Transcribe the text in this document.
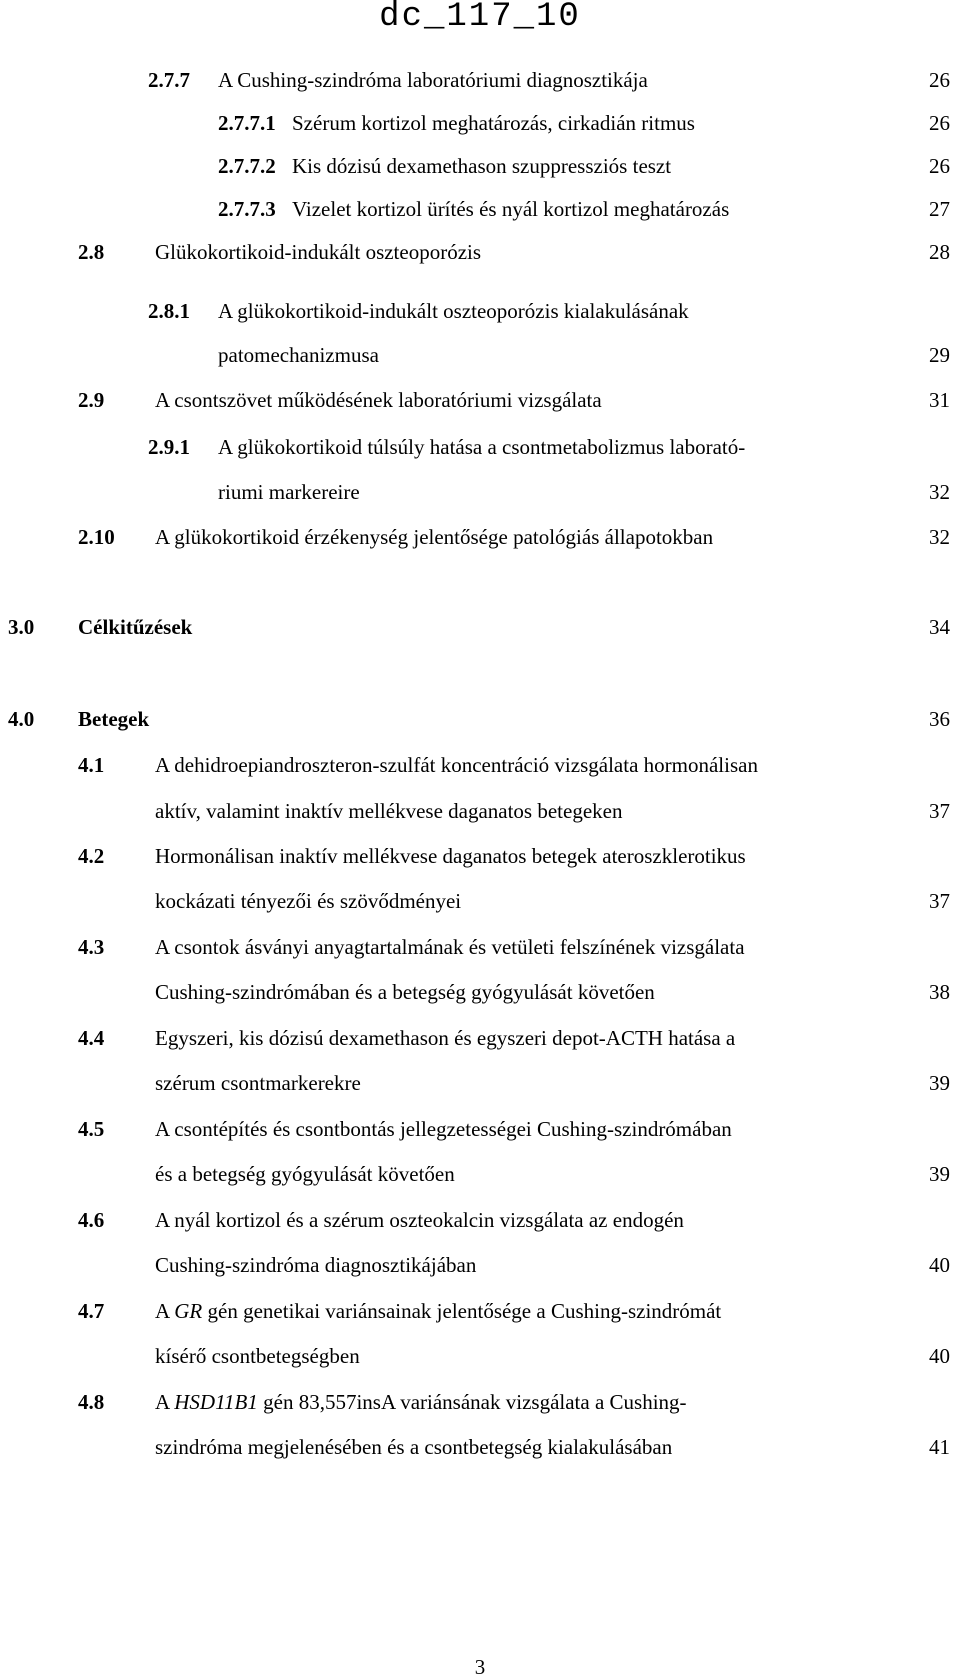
dc_117_10
2.7.7 A Cushing-szindróma laboratóriumi diagnosztikája	26
2.7.7.1 Szérum kortizol meghatározás, cirkadián ritmus	26
2.7.7.2 Kis dózisú dexamethason szuppressziós teszt	26
2.7.7.3 Vizelet kortizol ürítés és nyál kortizol meghatározás	27
2.8 Glükokortikoid-indukált oszteoporózis	28
2.8.1 A glükokortikoid-indukált oszteoporózis kialakulásának
patomechanizmusa	29
2.9 A csontszövet működésének laboratóriumi vizsgálata	31
2.9.1 A glükokortikoid túlsúly hatása a csontmetabolizmus laborató-
riumi markereire	32
2.10 A glükokortikoid érzékenység jelentősége patológiás állapotokban	32
3.0 Célkitűzések	34
4.0 Betegek	36
4.1 A dehidroepiandroszteron-szulfát koncentráció vizsgálata hormonálisan
aktív, valamint inaktív mellékvese daganatos betegeken	37
4.2 Hormonálisan inaktív mellékvese daganatos betegek ateroszklerotikus
kockázati tényezői és szövődményei	37
4.3 A csontok ásványi anyagtartalmának és vetületi felszínének vizsgálata
Cushing-szindrómában és a betegség gyógyulását követően	38
4.4 Egyszeri, kis dózisú dexamethason és egyszeri depot-ACTH hatása a
szérum csontmarkerekre	39
4.5 A csontépítés és csontbontás jellegzetességei Cushing-szindrómában
és a betegség gyógyulását követően	39
4.6 A nyál kortizol és a szérum oszteokalcin vizsgálata az endogén
Cushing-szindróma diagnosztikájában	40
4.7 A GR gén genetikai variánsainak jelentősége a Cushing-szindrómát
kísérő csontbetegségben	40
4.8 A HSD11B1 gén 83,557insA variánsának vizsgálata a Cushing-
szindróma megjelenésében és a csontbetegség kialakulásában	41
3
